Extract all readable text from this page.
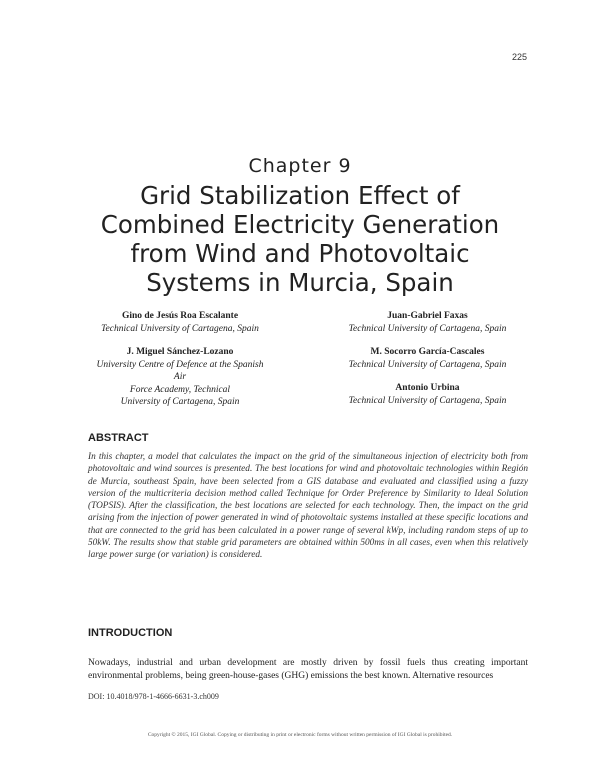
225
Chapter 9
Grid Stabilization Effect of
Combined Electricity Generation
from Wind and Photovoltaic
Systems in Murcia, Spain
Gino de Jesús Roa Escalante
Technical University of Cartagena, Spain
J. Miguel Sánchez-Lozano
University Centre of Defence at the Spanish Air
Force Academy, Technical
University of Cartagena, Spain
Juan-Gabriel Faxas
Technical University of Cartagena, Spain
M. Socorro García-Cascales
Technical University of Cartagena, Spain
Antonio Urbina
Technical University of Cartagena, Spain
ABSTRACT

In this chapter, a model that calculates the impact on the grid of the simultaneous injection of electricity both from photovoltaic and wind sources is presented. The best locations for wind and photovoltaic technologies within Región de Murcia, southeast Spain, have been selected from a GIS database and evaluated and classified using a fuzzy version of the multicriteria decision method called Technique for Order Preference by Similarity to Ideal Solution (TOPSIS). After the classification, the best locations are selected for each technology. Then, the impact on the grid arising from the injection of power generated in wind of photovoltaic systems installed at these specific locations and that are connected to the grid has been calculated in a power range of several kWp, including random steps of up to 50kW. The results show that stable grid parameters are obtained within 500ms in all cases, even when this relatively large power surge (or variation) is considered.

INTRODUCTION

Nowadays, industrial and urban development are mostly driven by fossil fuels thus creating important environmental problems, being green-house-gases (GHG) emissions the best known. Alternative resources

DOI: 10.4018/978-1-4666-6631-3.ch009
Copyright © 2015, IGI Global. Copying or distributing in print or electronic forms without written permission of IGI Global is prohibited.
